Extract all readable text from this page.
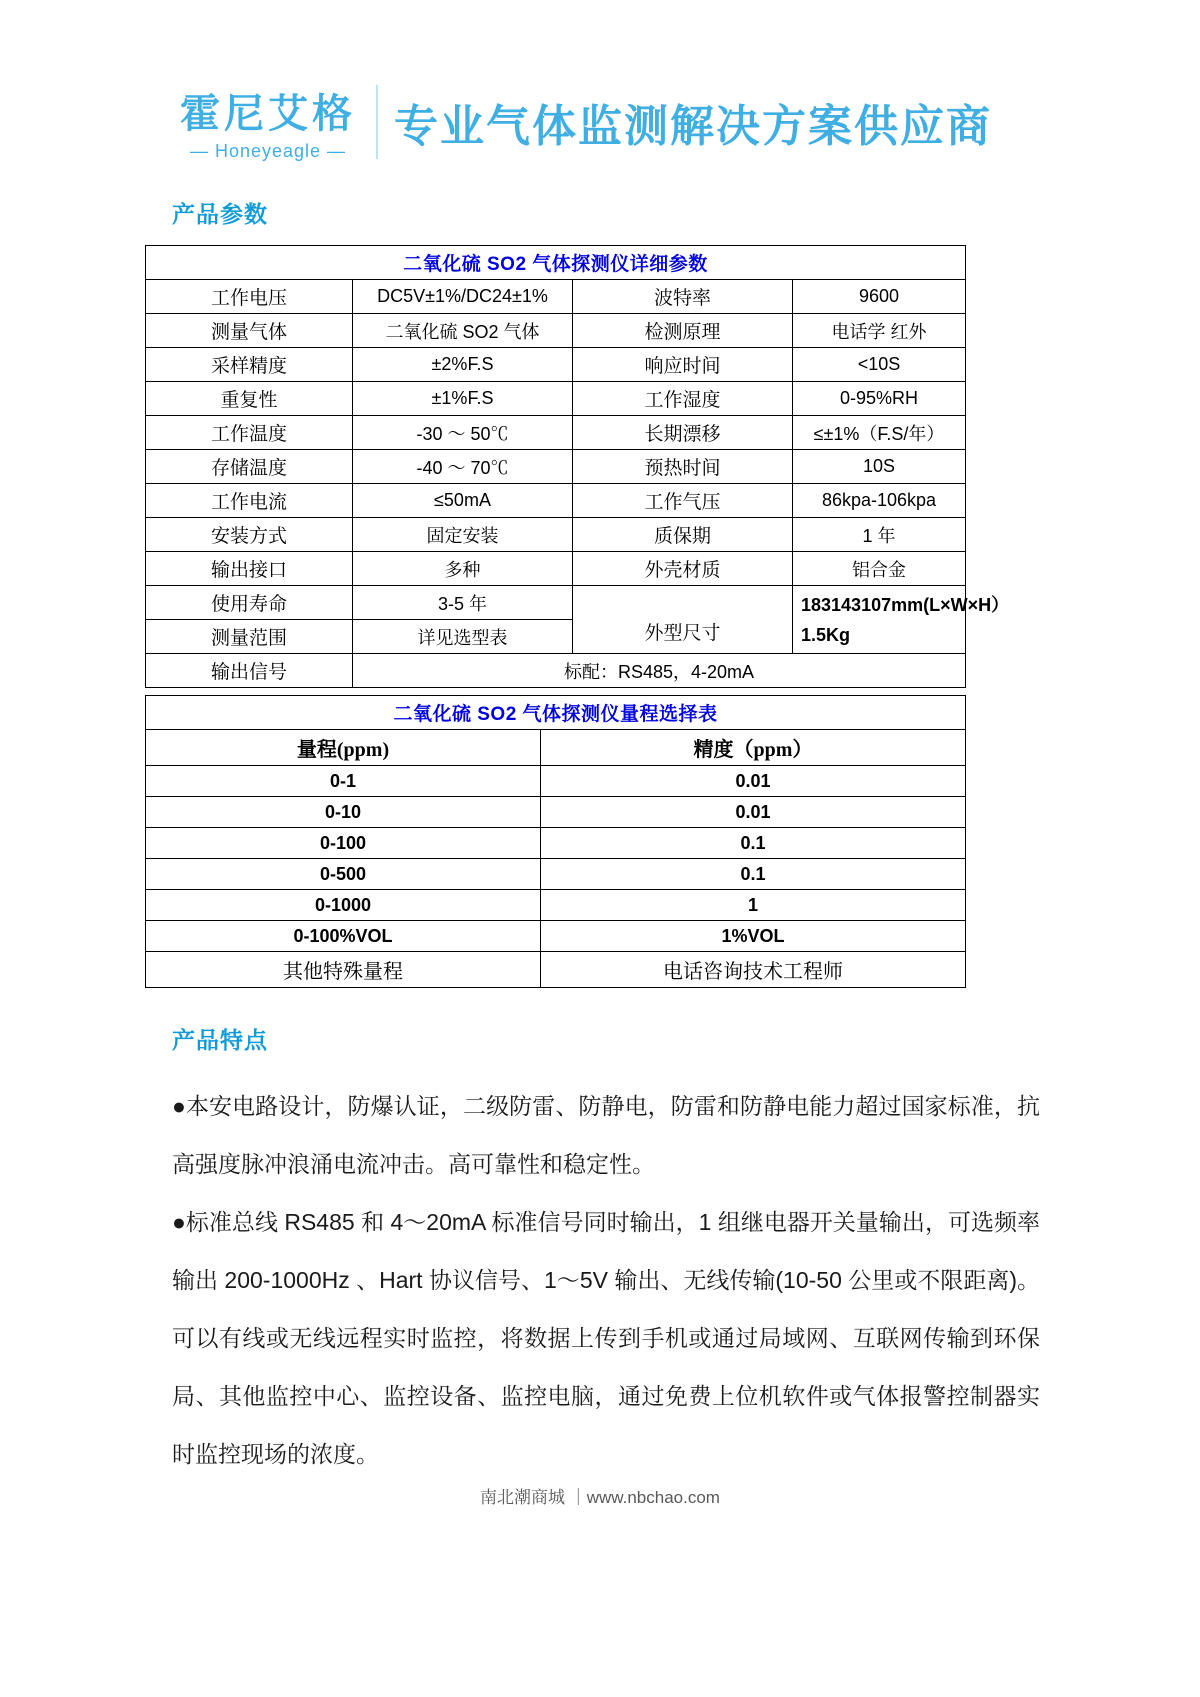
霍尼艾格
— Honeyeagle — 专业气体监测解决方案供应商
产品参数
二氧化硫 SO2 气体探测仪详细参数			
工作电压	DC5V±1%/DC24±1%	波特率	9600
测量气体	二氧化硫 SO2 气体	检测原理	电话学 红外
采样精度	±2%F.S	响应时间	<10S
重复性	±1%F.S	工作湿度	0-95%RH
工作温度	-30 ～ 50℃	长期漂移	≤±1%（F.S/年）
存储温度	-40 ～ 70℃	预热时间	10S
工作电流	≤50mA	工作气压	86kpa-106kpa
安装方式	固定安装	质保期	1 年
输出接口	多种	外壳材质	铝合金
使用寿命	3-5 年	外型尺寸	183143107mm(L×W×H）1.5Kg
测量范围	详见选型表		
输出信号	标配：RS485，4-20mA		
二氧化硫 SO2 气体探测仪量程选择表	
量程(ppm)	精度（ppm）
0-1	0.01
0-10	0.01
0-100	0.1
0-500	0.1
0-1000	1
0-100%VOL	1%VOL
其他特殊量程	电话咨询技术工程师
产品特点

●本安电路设计，防爆认证，二级防雷、防静电，防雷和防静电能力超过国家标准，抗高强度脉冲浪涌电流冲击。高可靠性和稳定性。

●标准总线 RS485 和 4～20mA 标准信号同时输出，1 组继电器开关量输出，可选频率输出 200-1000Hz 、Hart 协议信号、1～5V 输出、无线传输(10-50 公里或不限距离)。可以有线或无线远程实时监控，将数据上传到手机或通过局域网、互联网传输到环保局、其他监控中心、监控设备、监控电脑，通过免费上位机软件或气体报警控制器实时监控现场的浓度。

南北潮商城 ｜www.nbchao.com
